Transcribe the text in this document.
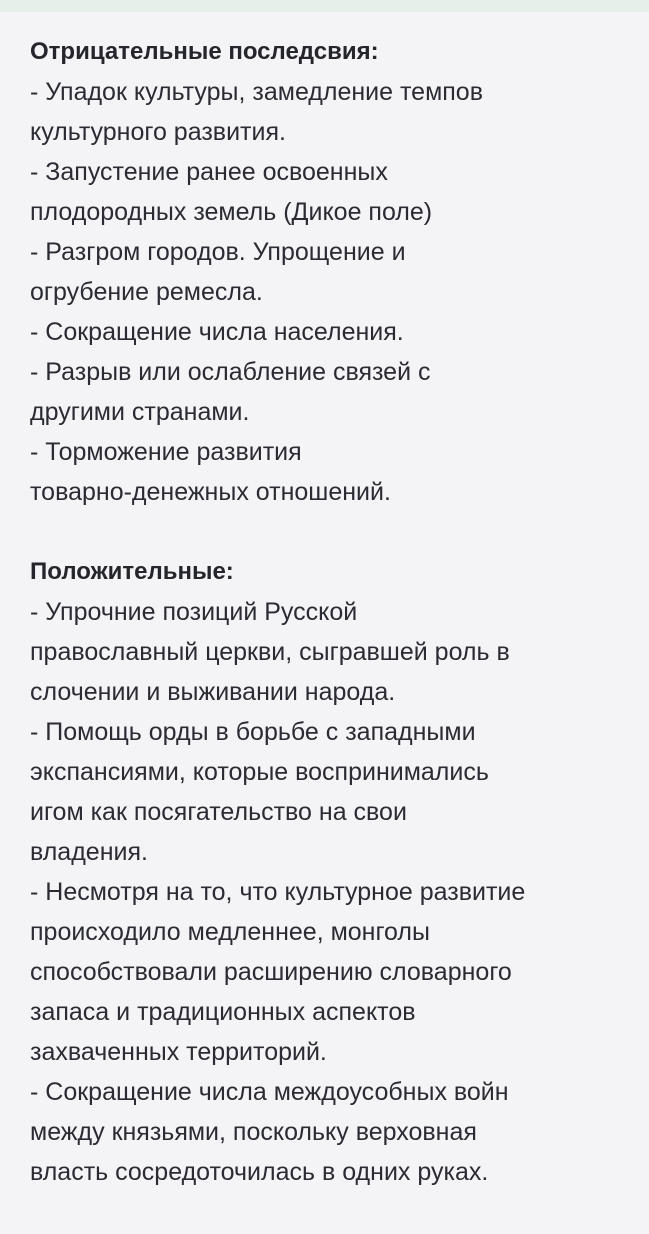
Отрицательные последсвия:
- Упадок культуры, замедление темпов
культурного развития.
- Запустение ранее освоенных
плодородных земель (Дикое поле)
- Разгром городов. Упрощение и
огрубение ремесла.
- Сокращение числа населения.
- Разрыв или ослабление связей с
другими странами.
- Торможение развития
товарно-денежных отношений.
Положительные:
- Упрочние позиций Русской
православный церкви, сыгравшей роль в
слочении и выживании народа.
- Помощь орды в борьбе с западными
экспансиями, которые воспринимались
игом как посягательство на свои
владения.
- Несмотря на то, что культурное развитие
происходило медленнее, монголы
способствовали расширению словарного
запаса и традиционных аспектов
захваченных территорий.
- Сокращение числа междоусобных войн
между князьями, поскольку верховная
власть сосредоточилась в одних руках.
